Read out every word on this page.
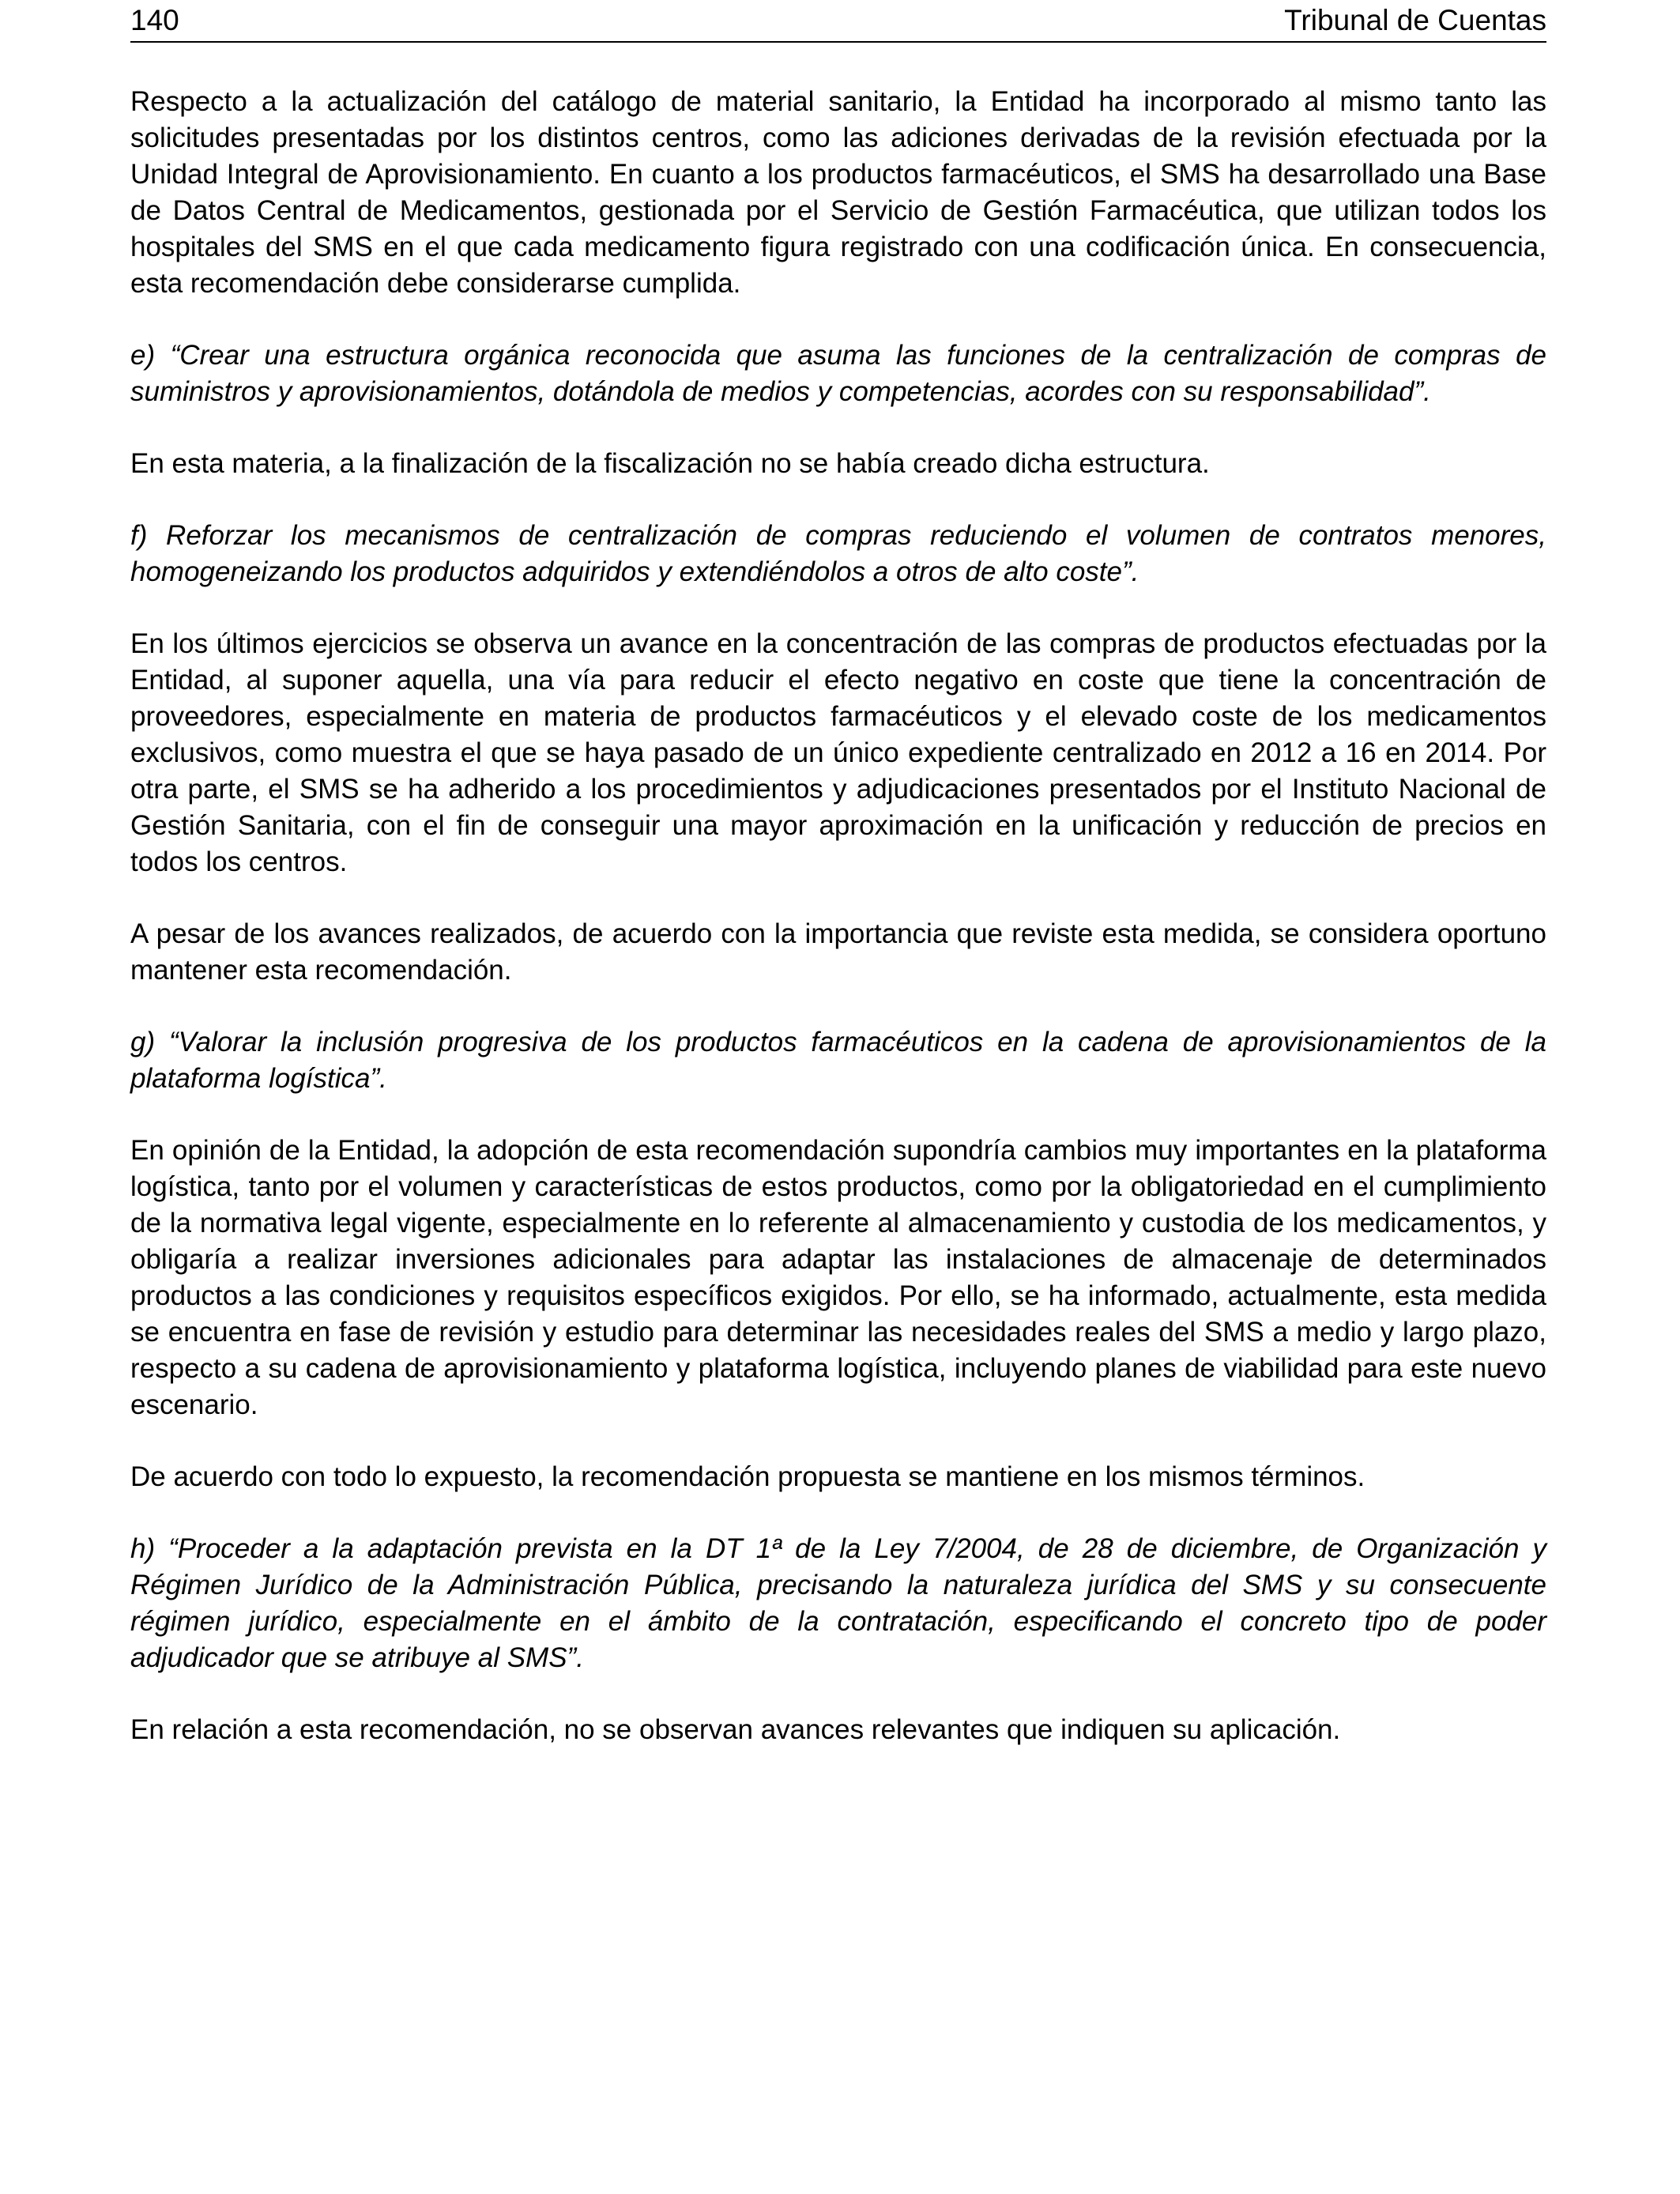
140	Tribunal de Cuentas

Respecto a la actualización del catálogo de material sanitario, la Entidad ha incorporado al mismo tanto las solicitudes presentadas por los distintos centros, como las adiciones derivadas de la revisión efectuada por la Unidad Integral de Aprovisionamiento. En cuanto a los productos farmacéuticos, el SMS ha desarrollado una Base de Datos Central de Medicamentos, gestionada por el Servicio de Gestión Farmacéutica, que utilizan todos los hospitales del SMS en el que cada medicamento figura registrado con una codificación única. En consecuencia, esta recomendación debe considerarse cumplida.

e) “Crear una estructura orgánica reconocida que asuma las funciones de la centralización de compras de suministros y aprovisionamientos, dotándola de medios y competencias, acordes con su responsabilidad”.

En esta materia, a la finalización de la fiscalización no se había creado dicha estructura.

f) Reforzar los mecanismos de centralización de compras reduciendo el volumen de contratos menores, homogeneizando los productos adquiridos y extendiéndolos a otros de alto coste”.

En los últimos ejercicios se observa un avance en la concentración de las compras de productos efectuadas por la Entidad, al suponer aquella, una vía para reducir el efecto negativo en coste que tiene la concentración de proveedores, especialmente en materia de productos farmacéuticos y el elevado coste de los medicamentos exclusivos, como muestra el que se haya pasado de un único expediente centralizado en 2012 a 16 en 2014. Por otra parte, el SMS se ha adherido a los procedimientos y adjudicaciones presentados por el Instituto Nacional de Gestión Sanitaria, con el fin de conseguir una mayor aproximación en la unificación y reducción de precios en todos los centros.

A pesar de los avances realizados, de acuerdo con la importancia que reviste esta medida, se considera oportuno mantener esta recomendación.

g) “Valorar la inclusión progresiva de los productos farmacéuticos en la cadena de aprovisionamientos de la plataforma logística”.

En opinión de la Entidad, la adopción de esta recomendación supondría cambios muy importantes en la plataforma logística, tanto por el volumen y características de estos productos, como por la obligatoriedad en el cumplimiento de la normativa legal vigente, especialmente en lo referente al almacenamiento y custodia de los medicamentos, y obligaría a realizar inversiones adicionales para adaptar las instalaciones de almacenaje de determinados productos a las condiciones y requisitos específicos exigidos. Por ello, se ha informado, actualmente, esta medida se encuentra en fase de revisión y estudio para determinar las necesidades reales del SMS a medio y largo plazo, respecto a su cadena de aprovisionamiento y plataforma logística, incluyendo planes de viabilidad para este nuevo escenario.

De acuerdo con todo lo expuesto, la recomendación propuesta se mantiene en los mismos términos.

h) “Proceder a la adaptación prevista en la DT 1ª de la Ley 7/2004, de 28 de diciembre, de Organización y Régimen Jurídico de la Administración Pública, precisando la naturaleza jurídica del SMS y su consecuente régimen jurídico, especialmente en el ámbito de la contratación, especificando el concreto tipo de poder adjudicador que se atribuye al SMS”.

En relación a esta recomendación, no se observan avances relevantes que indiquen su aplicación.
